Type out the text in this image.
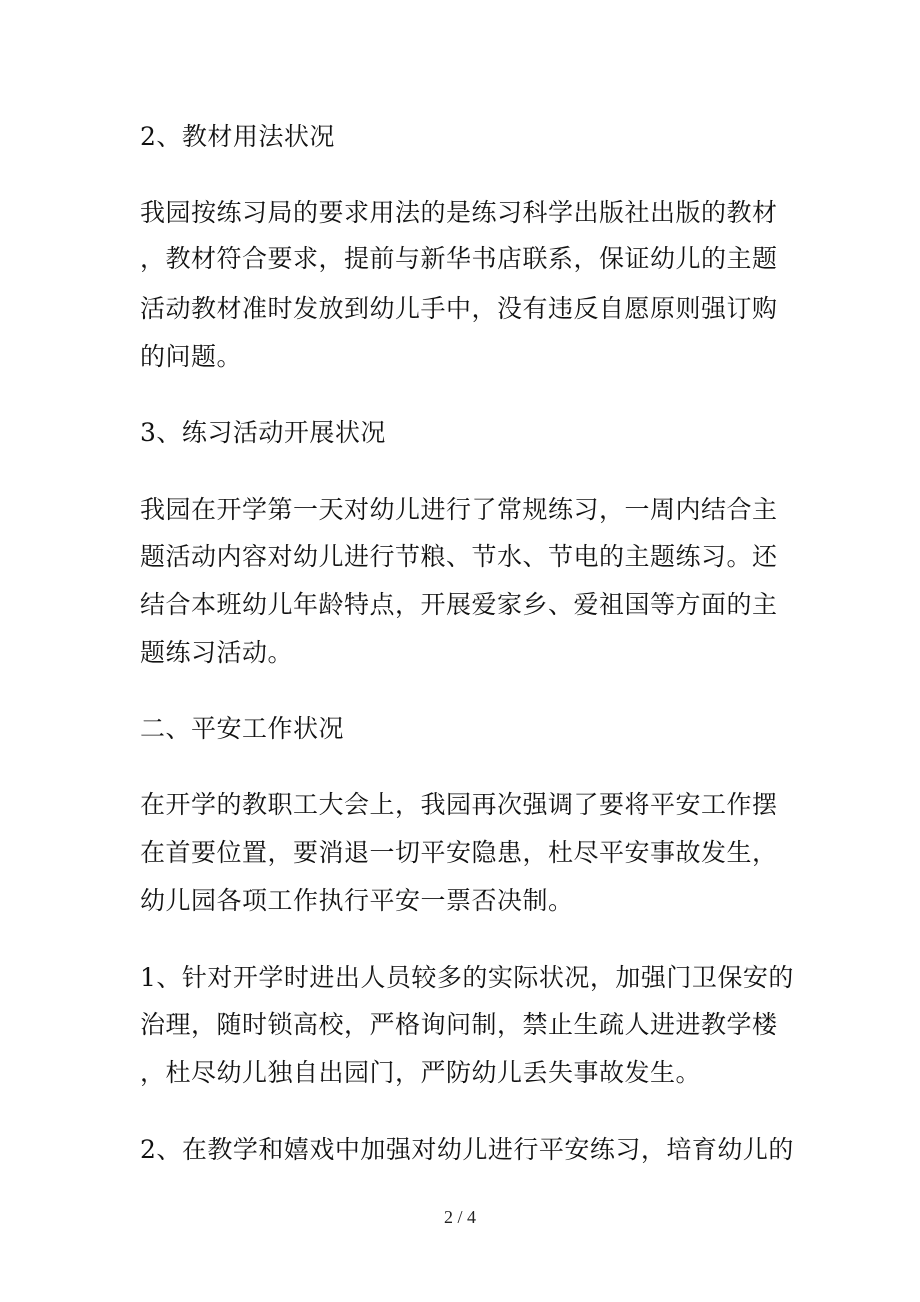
2、教材用法状况
我园按练习局的要求用法的是练习科学出版社出版的教材
，教材符合要求，提前与新华书店联系，保证幼儿的主题
活动教材准时发放到幼儿手中，没有违反自愿原则强订购
的问题。
3、练习活动开展状况
我园在开学第一天对幼儿进行了常规练习，一周内结合主
题活动内容对幼儿进行节粮、节水、节电的主题练习。还
结合本班幼儿年龄特点，开展爱家乡、爱祖国等方面的主
题练习活动。
二、平安工作状况
在开学的教职工大会上，我园再次强调了要将平安工作摆
在首要位置，要消退一切平安隐患，杜尽平安事故发生，
幼儿园各项工作执行平安一票否决制。
1、针对开学时进出人员较多的实际状况，加强门卫保安的
治理，随时锁高校，严格询问制，禁止生疏人进进教学楼
，杜尽幼儿独自出园门，严防幼儿丢失事故发生。
2、在教学和嬉戏中加强对幼儿进行平安练习，培育幼儿的
2 / 4
